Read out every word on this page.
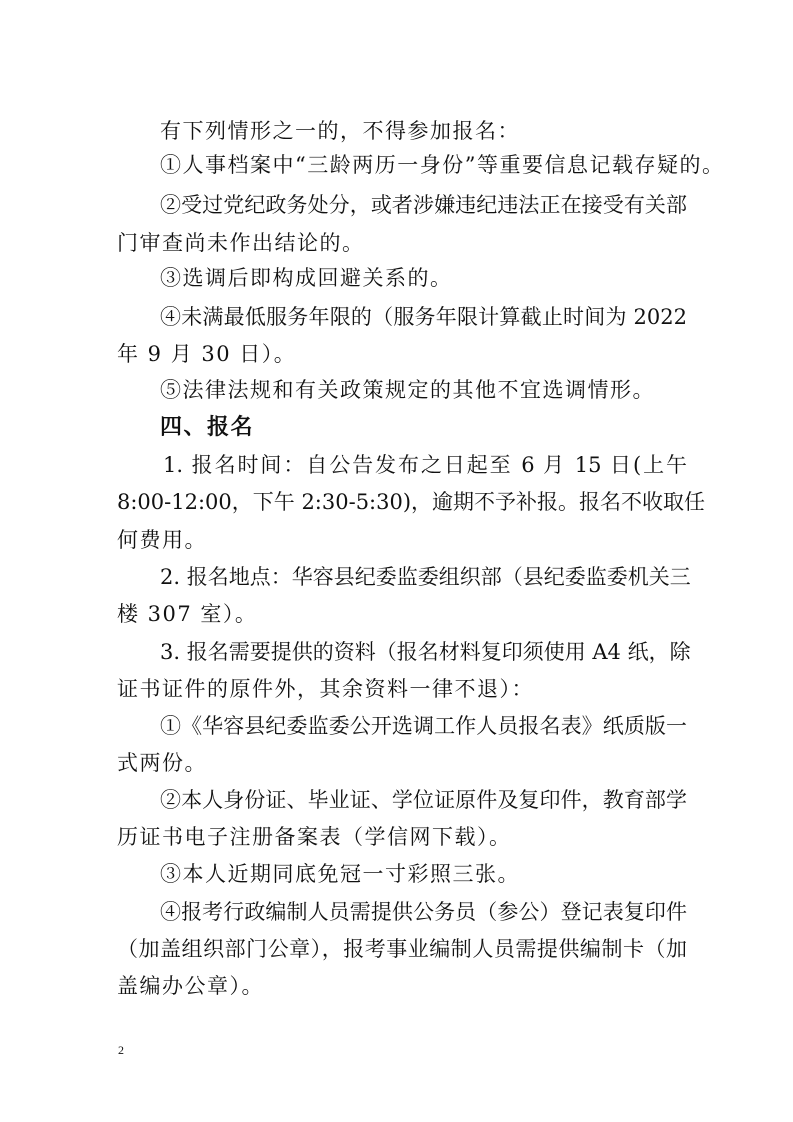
有下列情形之一的，不得参加报名：
①人事档案中“三龄两历一身份”等重要信息记载存疑的。
②受过党纪政务处分，或者涉嫌违纪违法正在接受有关部
门审查尚未作出结论的。
③选调后即构成回避关系的。
④未满最低服务年限的（服务年限计算截止时间为 2022
年 9 月 30 日）。
⑤法律法规和有关政策规定的其他不宜选调情形。
四、报名
1. 报名时间：自公告发布之日起至 6 月 15 日(上午
8:00-12:00，下午 2:30-5:30)，逾期不予补报。报名不收取任
何费用。
2. 报名地点：华容县纪委监委组织部（县纪委监委机关三
楼 307 室）。
3. 报名需要提供的资料（报名材料复印须使用 A4 纸，除
证书证件的原件外，其余资料一律不退）：
①《华容县纪委监委公开选调工作人员报名表》纸质版一
式两份。
②本人身份证、毕业证、学位证原件及复印件，教育部学
历证书电子注册备案表（学信网下载）。
③本人近期同底免冠一寸彩照三张。
④报考行政编制人员需提供公务员（参公）登记表复印件
（加盖组织部门公章），报考事业编制人员需提供编制卡（加
盖编办公章）。
2
